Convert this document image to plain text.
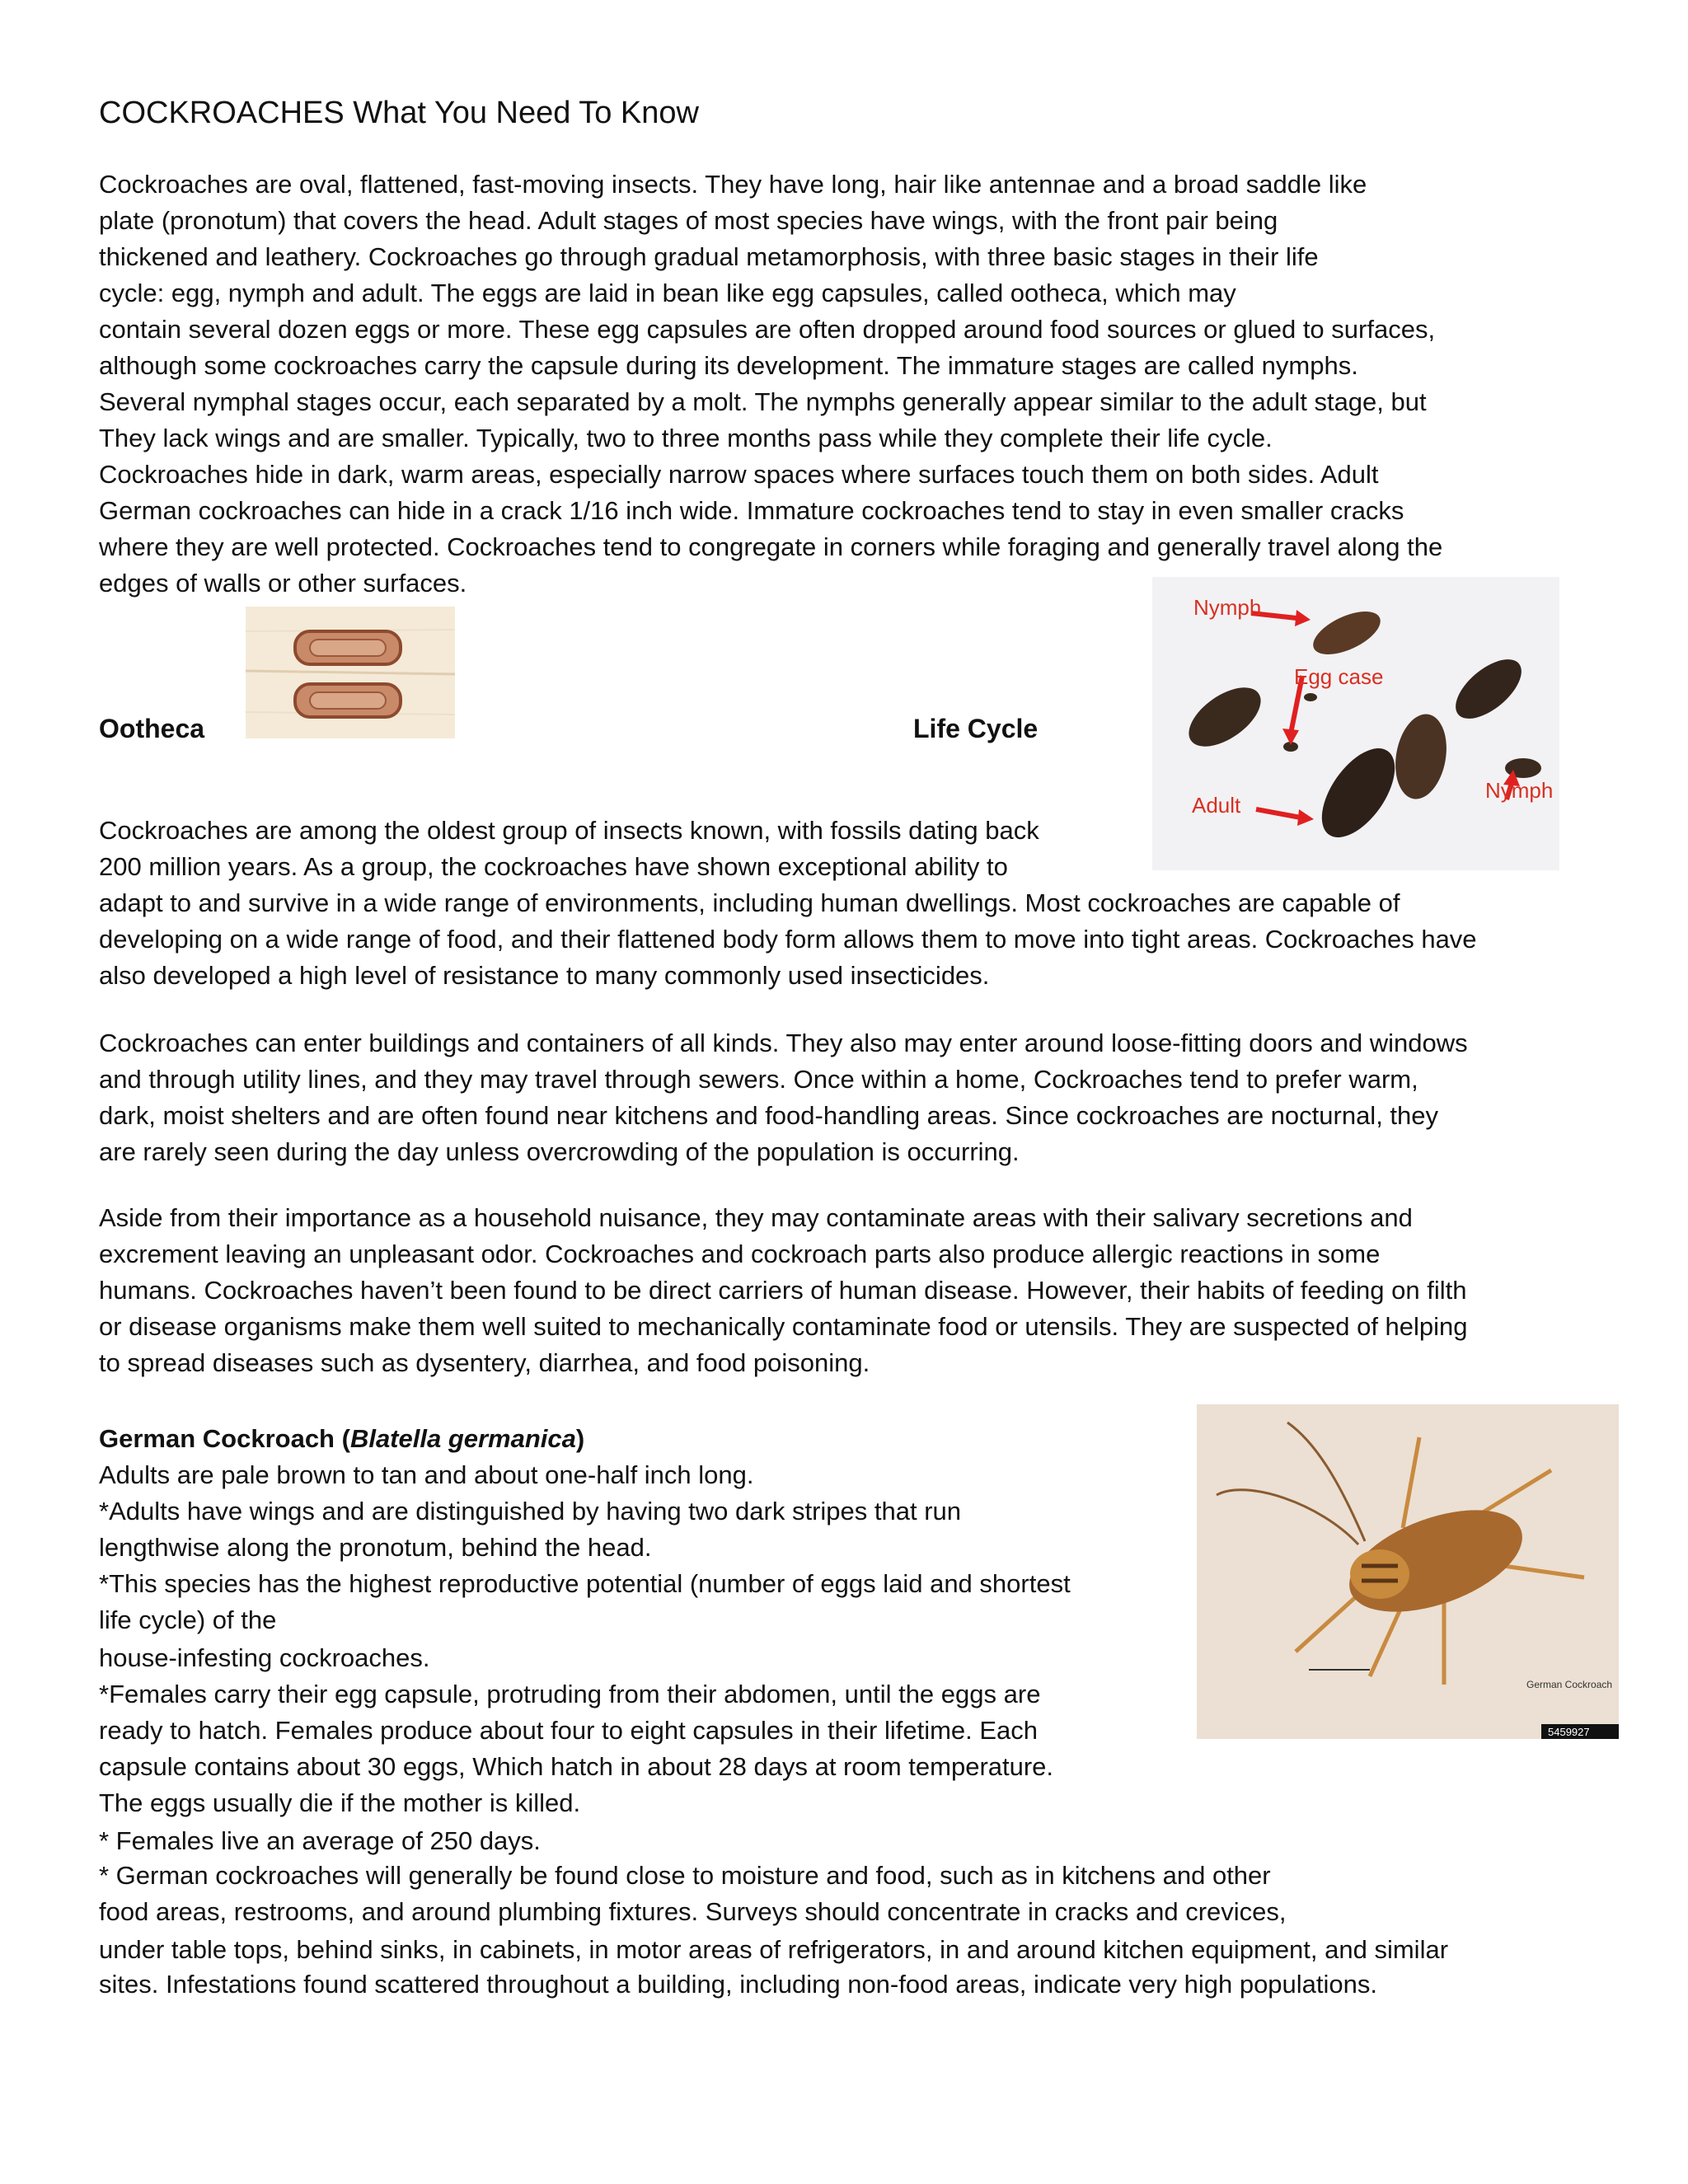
COCKROACHES What You Need To Know
Cockroaches are oval, flattened, fast-moving insects. They have long, hair like antennae and a broad saddle like
plate (pronotum) that covers the head. Adult stages of most species have wings, with the front pair being
thickened and leathery. Cockroaches go through gradual metamorphosis, with three basic stages in their life
cycle: egg, nymph and adult. The eggs are laid in bean like egg capsules, called ootheca, which may
contain several dozen eggs or more. These egg capsules are often dropped around food sources or glued to surfaces,
although some cockroaches carry the capsule during its development. The immature stages are called nymphs.
Several nymphal stages occur, each separated by a molt. The nymphs generally appear similar to the adult stage, but
They lack wings and are smaller. Typically, two to three months pass while they complete their life cycle.
Cockroaches hide in dark, warm areas, especially narrow spaces where surfaces touch them on both sides. Adult
German cockroaches can hide in a crack 1/16 inch wide. Immature cockroaches tend to stay in even smaller cracks
where they are well protected. Cockroaches tend to congregate in corners while foraging and generally travel along the
edges of walls or other surfaces.
Ootheca	Life Cycle
Nymph
Egg case
Adult
Nymph
Cockroaches are among the oldest group of insects known, with fossils dating back
200 million years. As a group, the cockroaches have shown exceptional ability to
adapt to and survive in a wide range of environments, including human dwellings. Most cockroaches are capable of
developing on a wide range of food, and their flattened body form allows them to move into tight areas. Cockroaches have
also developed a high level of resistance to many commonly used insecticides.
Cockroaches can enter buildings and containers of all kinds. They also may enter around loose-fitting doors and windows
and through utility lines, and they may travel through sewers. Once within a home, Cockroaches tend to prefer warm,
dark, moist shelters and are often found near kitchens and food-handling areas. Since cockroaches are nocturnal, they
are rarely seen during the day unless overcrowding of the population is occurring.
Aside from their importance as a household nuisance, they may contaminate areas with their salivary secretions and
excrement leaving an unpleasant odor. Cockroaches and cockroach parts also produce allergic reactions in some
humans. Cockroaches haven’t been found to be direct carriers of human disease. However, their habits of feeding on filth
or disease organisms make them well suited to mechanically contaminate food or utensils. They are suspected of helping
to spread diseases such as dysentery, diarrhea, and food poisoning.
German Cockroach (Blatella germanica)
Adults are pale brown to tan and about one-half inch long.
*Adults have wings and are distinguished by having two dark stripes that run
lengthwise along the pronotum, behind the head.
*This species has the highest reproductive potential (number of eggs laid and shortest
life cycle) of the
house-infesting cockroaches.
*Females carry their egg capsule, protruding from their abdomen, until the eggs are
ready to hatch. Females produce about four to eight capsules in their lifetime. Each
capsule contains about 30 eggs, Which hatch in about 28 days at room temperature.
The eggs usually die if the mother is killed.
* Females live an average of 250 days.
* German cockroaches will generally be found close to moisture and food, such as in kitchens and other
food areas, restrooms, and around plumbing fixtures. Surveys should concentrate in cracks and crevices,
under table tops, behind sinks, in cabinets, in motor areas of refrigerators, in and around kitchen equipment, and similar
sites. Infestations found scattered throughout a building, including non-food areas, indicate very high populations.
German Cockroach
5459927
